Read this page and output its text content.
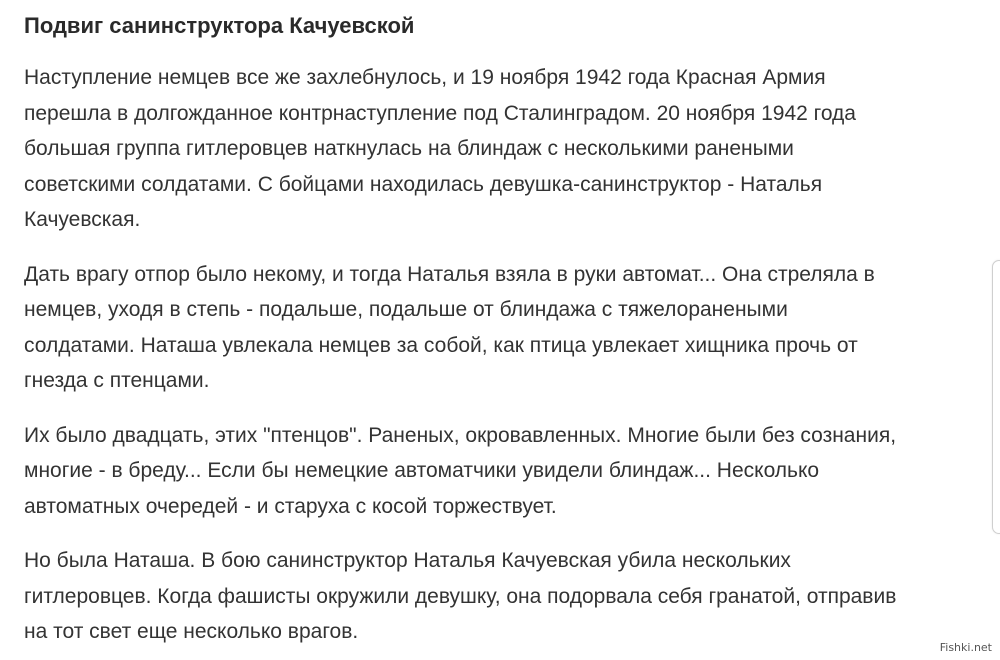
Подвиг санинструктора Качуевской

Наступление немцев все же захлебнулось, и 19 ноября 1942 года Красная Армия
перешла в долгожданное контрнаступление под Сталинградом. 20 ноября 1942 года
большая группа гитлеровцев наткнулась на блиндаж с несколькими ранеными
советскими солдатами. С бойцами находилась девушка-санинструктор - Наталья
Качуевская.

Дать врагу отпор было некому, и тогда Наталья взяла в руки автомат... Она стреляла в
немцев, уходя в степь - подальше, подальше от блиндажа с тяжелоранеными
солдатами. Наташа увлекала немцев за собой, как птица увлекает хищника прочь от
гнезда с птенцами.

Их было двадцать, этих "птенцов". Раненых, окровавленных. Многие были без сознания,
многие - в бреду... Если бы немецкие автоматчики увидели блиндаж... Несколько
автоматных очередей - и старуха с косой торжествует.

Но была Наташа. В бою санинструктор Наталья Качуевская убила нескольких
гитлеровцев. Когда фашисты окружили девушку, она подорвала себя гранатой, отправив
на тот свет еще несколько врагов.

Fishki.net
